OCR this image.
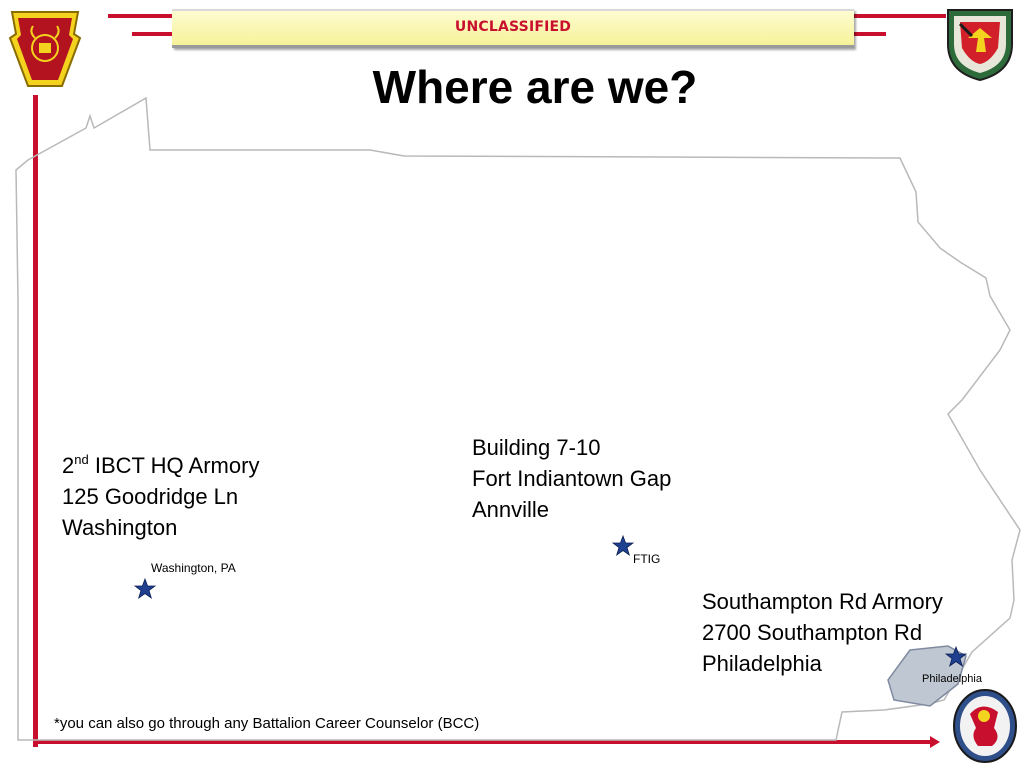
UNCLASSIFIED
Where are we?
2nd IBCT HQ Armory
125 Goodridge Ln
Washington
Washington, PA
Building 7-10
Fort Indiantown Gap
Annville
FTIG
Southampton Rd Armory
2700 Southampton Rd
Philadelphia
Philadelphia
*you can also go through any Battalion Career Counselor (BCC)
